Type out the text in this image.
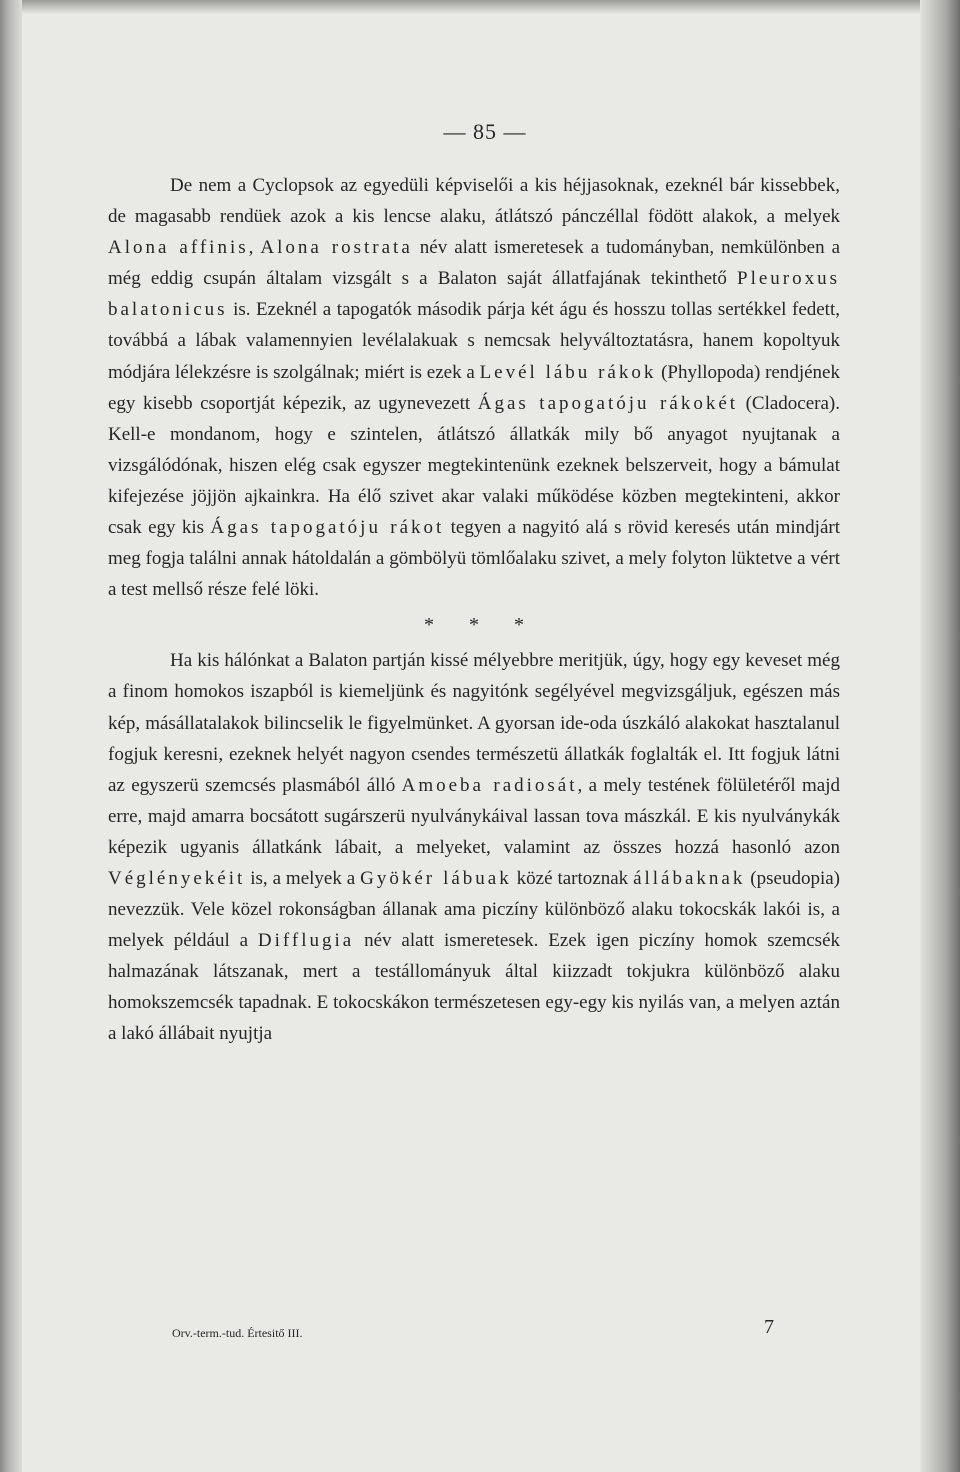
— 85 —

De nem a Cyclopsok az egyedüli képviselői a kis héjjasoknak, ezeknél bár kissebbek, de magasabb rendüek azok a kis lencse alaku, átlátszó pánczéllal födött alakok, a melyek Alona affinis, Alona rostrata név alatt ismeretesek a tudományban, nemkülönben a még eddig csupán általam vizsgált s a Balaton saját állatfajának tekinthető Pleuroxus balatonicus is. Ezeknél a tapogatók második párja két águ és hosszu tollas sertékkel fedett, továbbá a lábak valamennyien levélalakuak s nemcsak helyváltoztatásra, hanem kopoltyuk módjára lélekzésre is szolgálnak; miért is ezek a Levél lábu rákok (Phyllopoda) rendjének egy kisebb csoportját képezik, az ugynevezett Ágas tapogatóju rákokét (Cladocera). Kell-e mondanom, hogy e szintelen, átlátszó állatkák mily bő anyagot nyujtanak a vizsgálódónak, hiszen elég csak egyszer megtekintenünk ezeknek belszerveit, hogy a bámulat kifejezése jöjjön ajkainkra. Ha élő szivet akar valaki működése közben megtekinteni, akkor csak egy kis Ágas tapogatóju rákot tegyen a nagyitó alá s rövid keresés után mindjárt meg fogja találni annak hátoldalán a gömbölyü tömlőalaku szivet, a mely folyton lüktetve a vért a test mellső része felé löki.

* * *

Ha kis hálónkat a Balaton partján kissé mélyebbre meritjük, úgy, hogy egy keveset még a finom homokos iszapból is kiemeljünk és nagyitónk segélyével megvizsgáljuk, egészen más kép, másállatalakok bilincselik le figyelmünket. A gyorsan ide-oda úszkáló alakokat hasztalanul fogjuk keresni, ezeknek helyét nagyon csendes természetü állatkák foglalták el. Itt fogjuk látni az egyszerü szemcsés plasmából álló Amoeba radiosát, a mely testének fölületéről majd erre, majd amarra bocsátott sugárszerü nyulványkáival lassan tova mászkál. E kis nyulványkák képezik ugyanis állatkánk lábait, a melyeket, valamint az összes hozzá hasonló azon Véglényekéit is, a melyek a Gyökér lábuak közé tartoznak állábaknak (pseudopia) nevezzük. Vele közel rokonságban állanak ama piczíny különböző alaku tokocskák lakói is, a melyek például a Difflugia név alatt ismeretesek. Ezek igen piczíny homok szemcsék halmazának látszanak, mert a testállományuk által kiizzadt tokjukra különböző alaku homokszemcsék tapadnak. E tokocskákon természetesen egy-egy kis nyilás van, a melyen aztán a lakó állábait nyujtja

Orv.-term.-tud. Értesitő III.	7
